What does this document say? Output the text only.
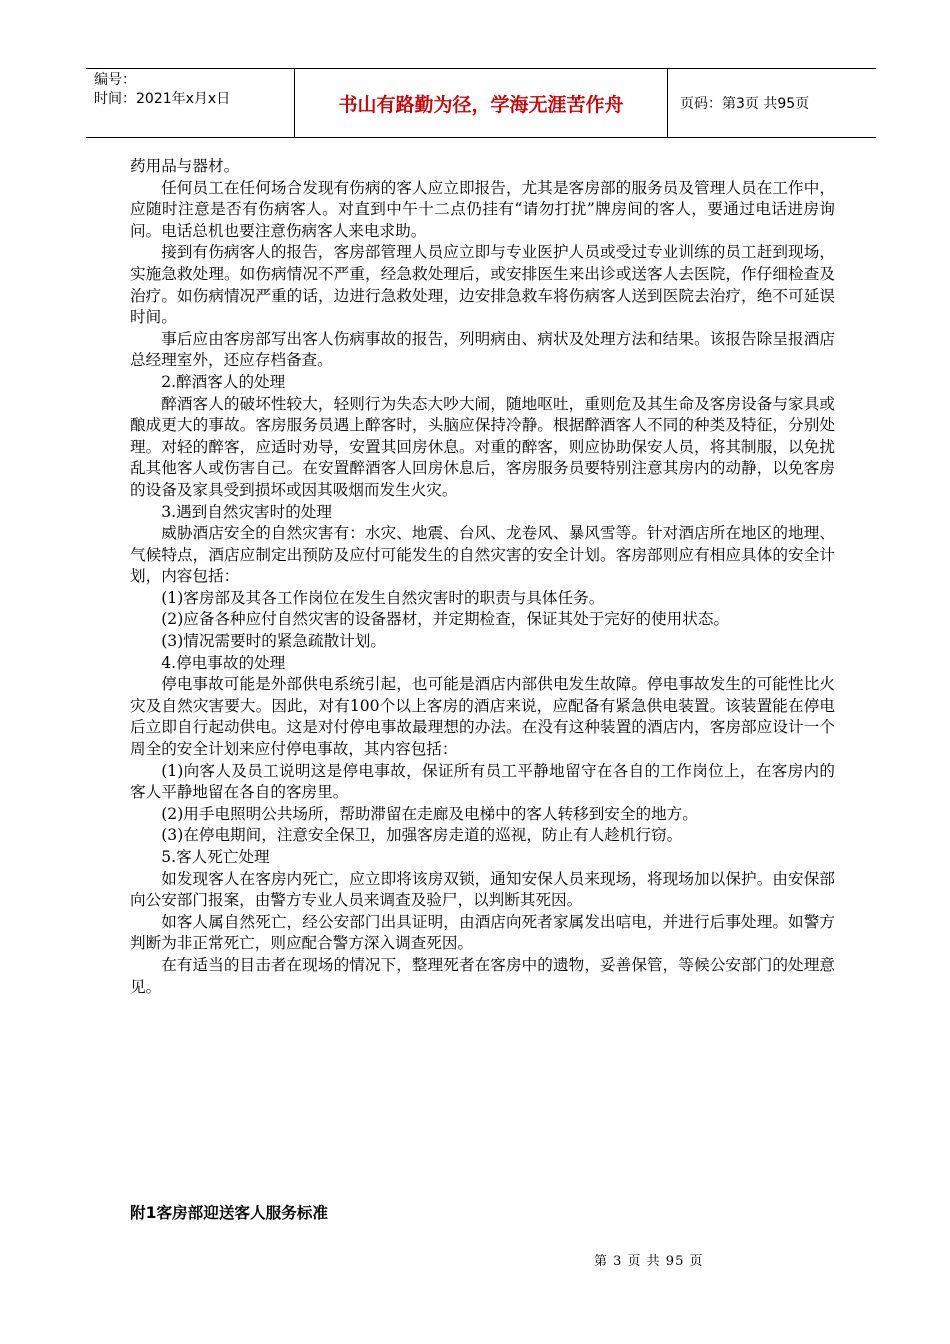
编号：
时间：2021年x月x日	书山有路勤为径，学海无涯苦作舟	页码：第3页 共95页

药用品与器材。

任何员工在任何场合发现有伤病的客人应立即报告，尤其是客房部的服务员及管理人员在工作中，应随时注意是否有伤病客人。对直到中午十二点仍挂有“请勿打扰”牌房间的客人，要通过电话进房询问。电话总机也要注意伤病客人来电求助。

接到有伤病客人的报告，客房部管理人员应立即与专业医护人员或受过专业训练的员工赶到现场，实施急救处理。如伤病情况不严重，经急救处理后，或安排医生来出诊或送客人去医院，作仔细检查及治疗。如伤病情况严重的话，边进行急救处理，边安排急救车将伤病客人送到医院去治疗，绝不可延误时间。

事后应由客房部写出客人伤病事故的报告，列明病由、病状及处理方法和结果。该报告除呈报酒店总经理室外，还应存档备查。

2.醉酒客人的处理

醉酒客人的破坏性较大，轻则行为失态大吵大闹，随地呕吐，重则危及其生命及客房设备与家具或酿成更大的事故。客房服务员遇上醉客时，头脑应保持冷静。根据醉酒客人不同的种类及特征，分别处理。对轻的醉客，应适时劝导，安置其回房休息。对重的醉客，则应协助保安人员，将其制服，以免扰乱其他客人或伤害自己。在安置醉酒客人回房休息后，客房服务员要特别注意其房内的动静，以免客房的设备及家具受到损坏或因其吸烟而发生火灾。

3.遇到自然灾害时的处理

威胁酒店安全的自然灾害有：水灾、地震、台风、龙卷风、暴风雪等。针对酒店所在地区的地理、气候特点，酒店应制定出预防及应付可能发生的自然灾害的安全计划。客房部则应有相应具体的安全计划，内容包括：

(1)客房部及其各工作岗位在发生自然灾害时的职责与具体任务。

(2)应备各种应付自然灾害的设备器材，并定期检查，保证其处于完好的使用状态。

(3)情况需要时的紧急疏散计划。

4.停电事故的处理

停电事故可能是外部供电系统引起，也可能是酒店内部供电发生故障。停电事故发生的可能性比火灾及自然灾害要大。因此，对有100个以上客房的酒店来说，应配备有紧急供电装置。该装置能在停电后立即自行起动供电。这是对付停电事故最理想的办法。在没有这种装置的酒店内，客房部应设计一个周全的安全计划来应付停电事故，其内容包括：

(1)向客人及员工说明这是停电事故，保证所有员工平静地留守在各自的工作岗位上，在客房内的客人平静地留在各自的客房里。

(2)用手电照明公共场所，帮助滞留在走廊及电梯中的客人转移到安全的地方。

(3)在停电期间，注意安全保卫，加强客房走道的巡视，防止有人趁机行窃。

5.客人死亡处理

如发现客人在客房内死亡，应立即将该房双锁，通知安保人员来现场，将现场加以保护。由安保部向公安部门报案，由警方专业人员来调查及验尸，以判断其死因。

如客人属自然死亡，经公安部门出具证明，由酒店向死者家属发出唁电，并进行后事处理。如警方判断为非正常死亡，则应配合警方深入调查死因。

在有适当的目击者在现场的情况下，整理死者在客房中的遗物，妥善保管，等候公安部门的处理意见。

附1客房部迎送客人服务标准
第 3 页 共 95 页
